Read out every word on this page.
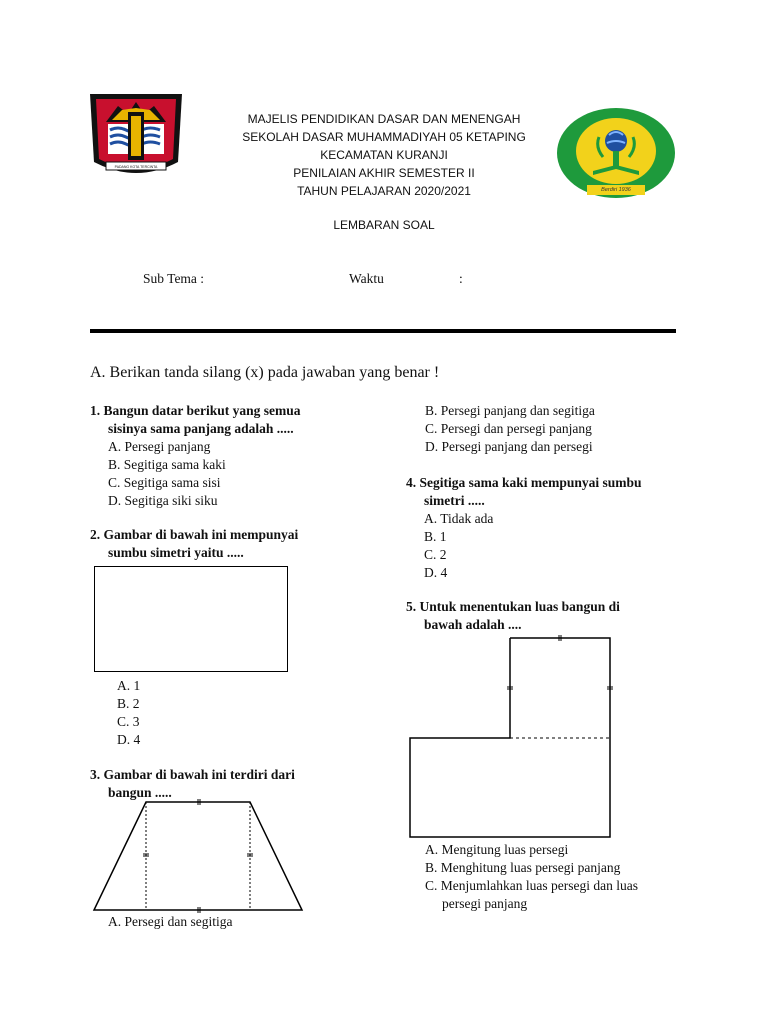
PADANG KOTA TERCINTA
SD MUHAMMADIYAH 05 KETAPING
Berdiri 1936
MAJELIS PENDIDIKAN DASAR DAN MENENGAH
SEKOLAH DASAR MUHAMMADIYAH 05 KETAPING
KECAMATAN KURANJI
PENILAIAN AKHIR SEMESTER II
TAHUN PELAJARAN 2020/2021
LEMBARAN SOAL
Sub Tema :	Waktu	:
A. Berikan tanda silang (x) pada jawaban yang benar !
1. Bangun datar berikut yang semua
sisinya sama panjang adalah .....
A. Persegi panjang
B. Segitiga sama kaki
C. Segitiga sama sisi
D. Segitiga siki siku
2. Gambar di bawah ini mempunyai
sumbu simetri yaitu .....
A. 1
B. 2
C. 3
D. 4
3. Gambar di bawah ini terdiri dari
bangun .....
A. Persegi dan segitiga
B. Persegi panjang dan segitiga
C. Persegi dan persegi panjang
D. Persegi panjang dan persegi
4. Segitiga sama kaki mempunyai sumbu
simetri .....
A. Tidak ada
B. 1
C. 2
D. 4
5. Untuk menentukan luas bangun di
bawah adalah ....
A. Mengitung luas persegi
B. Menghitung luas persegi panjang
C. Menjumlahkan luas persegi dan luas
persegi panjang
